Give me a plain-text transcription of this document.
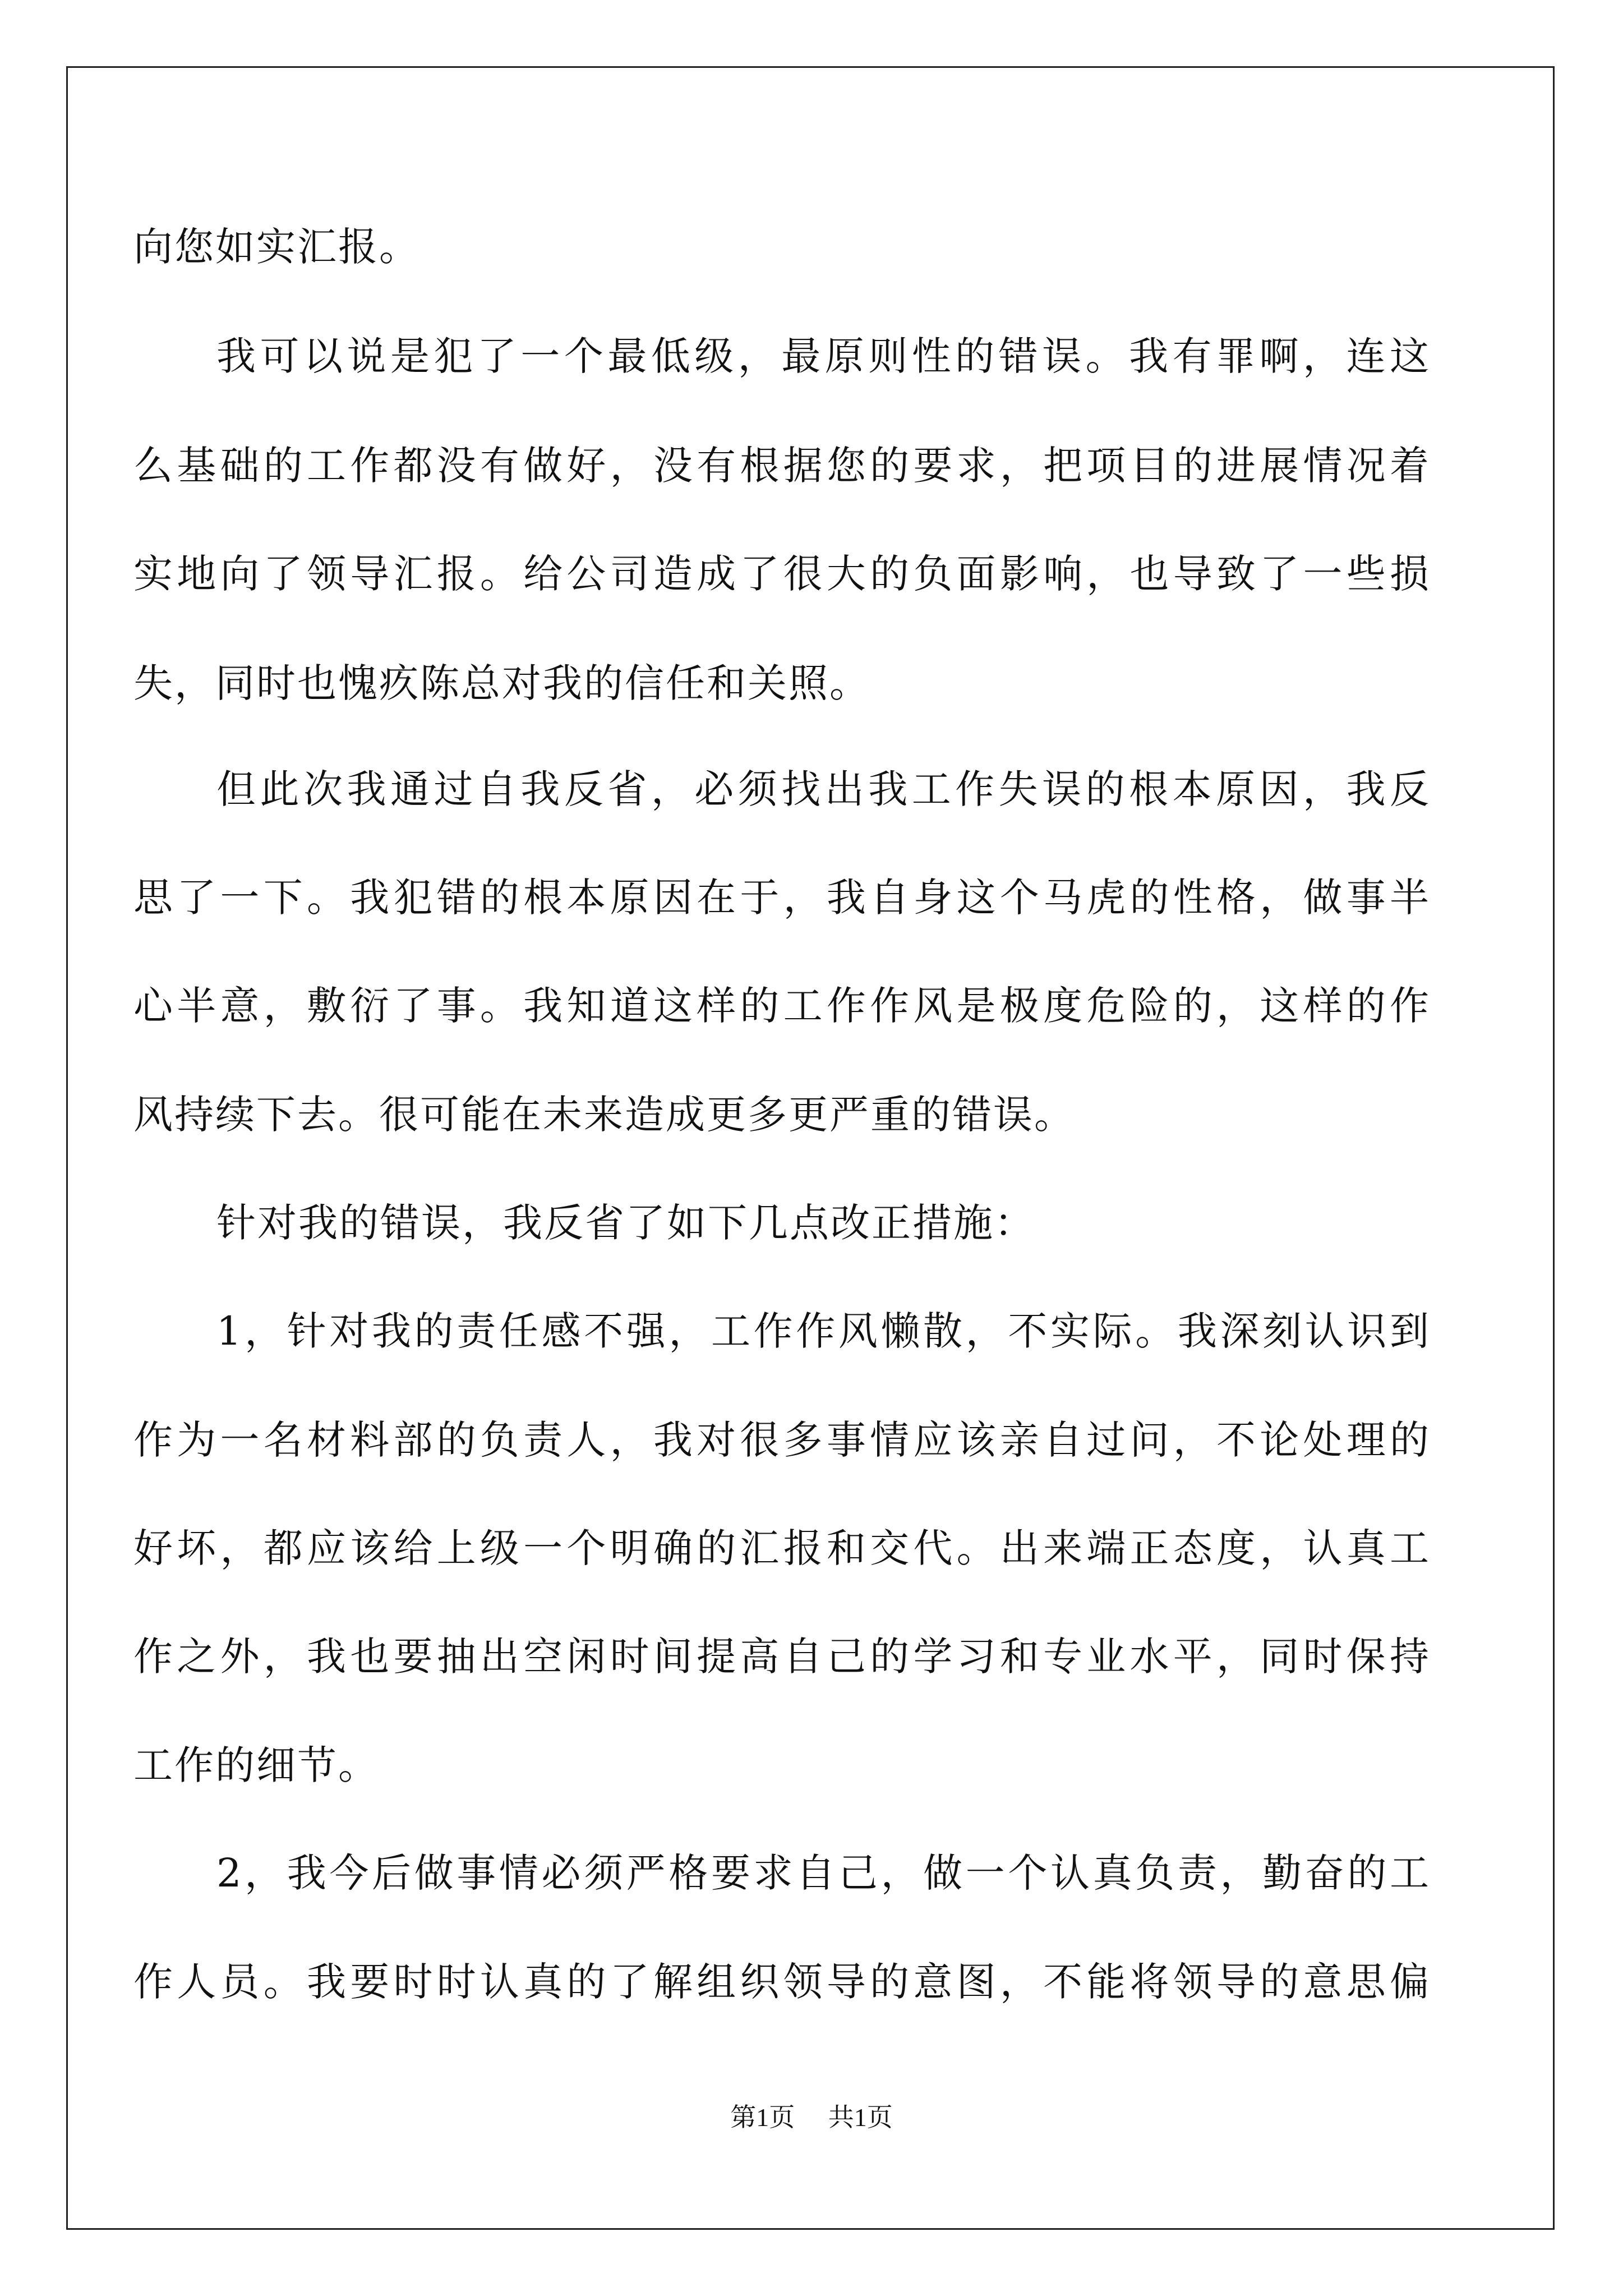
向您如实汇报。
我可以说是犯了一个最低级，最原则性的错误。我有罪啊，连这
么基础的工作都没有做好，没有根据您的要求，把项目的进展情况着
实地向了领导汇报。给公司造成了很大的负面影响，也导致了一些损
失，同时也愧疚陈总对我的信任和关照。
但此次我通过自我反省，必须找出我工作失误的根本原因，我反
思了一下。我犯错的根本原因在于，我自身这个马虎的性格，做事半
心半意，敷衍了事。我知道这样的工作作风是极度危险的，这样的作
风持续下去。很可能在未来造成更多更严重的错误。
针对我的错误，我反省了如下几点改正措施：
1，针对我的责任感不强，工作作风懒散，不实际。我深刻认识到
作为一名材料部的负责人，我对很多事情应该亲自过问，不论处理的
好坏，都应该给上级一个明确的汇报和交代。出来端正态度，认真工
作之外，我也要抽出空闲时间提高自己的学习和专业水平，同时保持
工作的细节。
2，我今后做事情必须严格要求自己，做一个认真负责，勤奋的工
作人员。我要时时认真的了解组织领导的意图，不能将领导的意思偏
第1页 共1页
